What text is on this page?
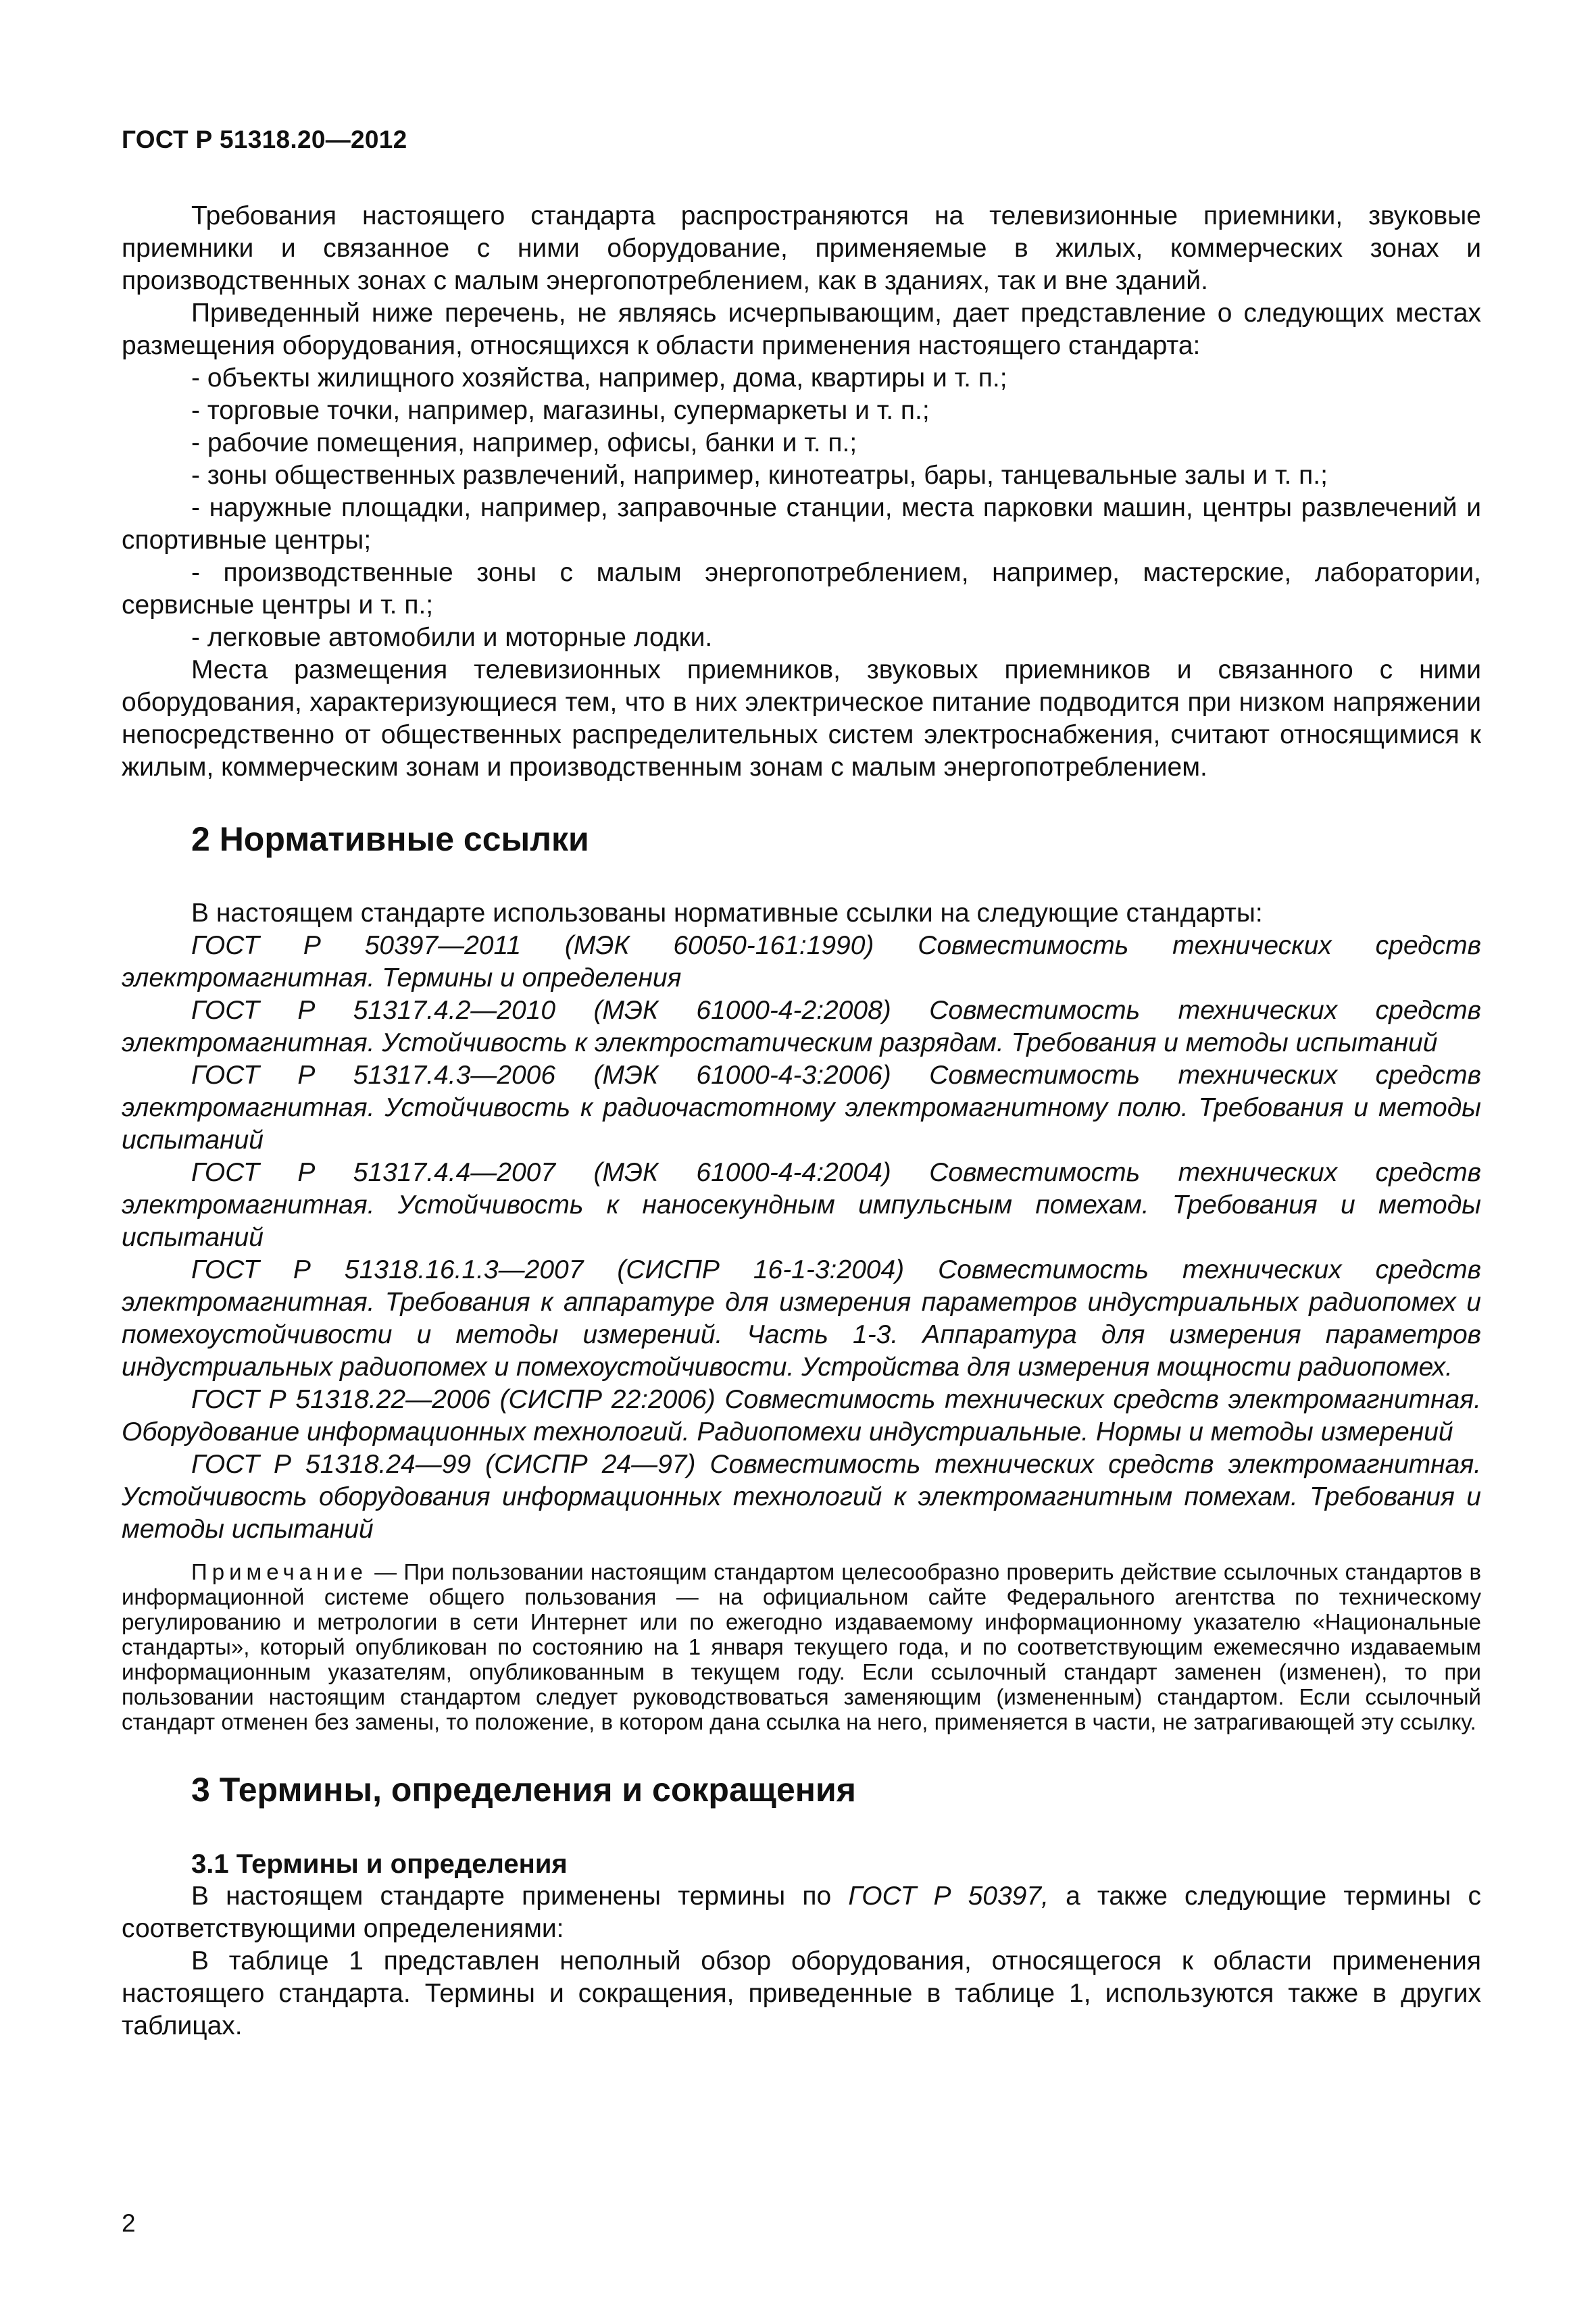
ГОСТ Р 51318.20—2012

Требования настоящего стандарта распространяются на телевизионные приемники, звуковые приемники и связанное с ними оборудование, применяемые в жилых, коммерческих зонах и производственных зонах с малым энергопотреблением, как в зданиях, так и вне зданий.

Приведенный ниже перечень, не являясь исчерпывающим, дает представление о следующих местах размещения оборудования, относящихся к области применения настоящего стандарта:

- объекты жилищного хозяйства, например, дома, квартиры и т. п.;

- торговые точки, например, магазины, супермаркеты и т. п.;

- рабочие помещения, например, офисы, банки и т. п.;

- зоны общественных развлечений, например, кинотеатры, бары, танцевальные залы и т. п.;

- наружные площадки, например, заправочные станции, места парковки машин, центры развлечений и спортивные центры;

- производственные зоны с малым энергопотреблением, например, мастерские, лаборатории, сервисные центры и т. п.;

- легковые автомобили и моторные лодки.

Места размещения телевизионных приемников, звуковых приемников и связанного с ними оборудования, характеризующиеся тем, что в них электрическое питание подводится при низком напряжении непосредственно от общественных распределительных систем электроснабжения, считают относящимися к жилым, коммерческим зонам и производственным зонам с малым энергопотреблением.

2 Нормативные ссылки

В настоящем стандарте использованы нормативные ссылки на следующие стандарты:

ГОСТ Р 50397—2011 (МЭК 60050-161:1990) Совместимость технических средств электромагнитная. Термины и определения

ГОСТ Р 51317.4.2—2010 (МЭК 61000-4-2:2008) Совместимость технических средств электромагнитная. Устойчивость к электростатическим разрядам. Требования и методы испытаний

ГОСТ Р 51317.4.3—2006 (МЭК 61000-4-3:2006) Совместимость технических средств электромагнитная. Устойчивость к радиочастотному электромагнитному полю. Требования и методы испытаний

ГОСТ Р 51317.4.4—2007 (МЭК 61000-4-4:2004) Совместимость технических средств электромагнитная. Устойчивость к наносекундным импульсным помехам. Требования и методы испытаний

ГОСТ Р 51318.16.1.3—2007 (СИСПР 16-1-3:2004) Совместимость технических средств электромагнитная. Требования к аппаратуре для измерения параметров индустриальных радиопомех и помехоустойчивости и методы измерений. Часть 1-3. Аппаратура для измерения параметров индустриальных радиопомех и помехоустойчивости. Устройства для измерения мощности радиопомех.

ГОСТ Р 51318.22—2006 (СИСПР 22:2006) Совместимость технических средств электромагнитная. Оборудование информационных технологий. Радиопомехи индустриальные. Нормы и методы измерений

ГОСТ Р 51318.24—99 (СИСПР 24—97) Совместимость технических средств электромагнитная. Устойчивость оборудования информационных технологий к электромагнитным помехам. Требования и методы испытаний

Примечание — При пользовании настоящим стандартом целесообразно проверить действие ссылочных стандартов в информационной системе общего пользования — на официальном сайте Федерального агентства по техническому регулированию и метрологии в сети Интернет или по ежегодно издаваемому информационному указателю «Национальные стандарты», который опубликован по состоянию на 1 января текущего года, и по соответствующим ежемесячно издаваемым информационным указателям, опубликованным в текущем году. Если ссылочный стандарт заменен (изменен), то при пользовании настоящим стандартом следует руководствоваться заменяющим (измененным) стандартом. Если ссылочный стандарт отменен без замены, то положение, в котором дана ссылка на него, применяется в части, не затрагивающей эту ссылку.

3 Термины, определения и сокращения
3.1 Термины и определения

В настоящем стандарте применены термины по ГОСТ Р 50397, а также следующие термины с соответствующими определениями:

В таблице 1 представлен неполный обзор оборудования, относящегося к области применения настоящего стандарта. Термины и сокращения, приведенные в таблице 1, используются также в других таблицах.

2
